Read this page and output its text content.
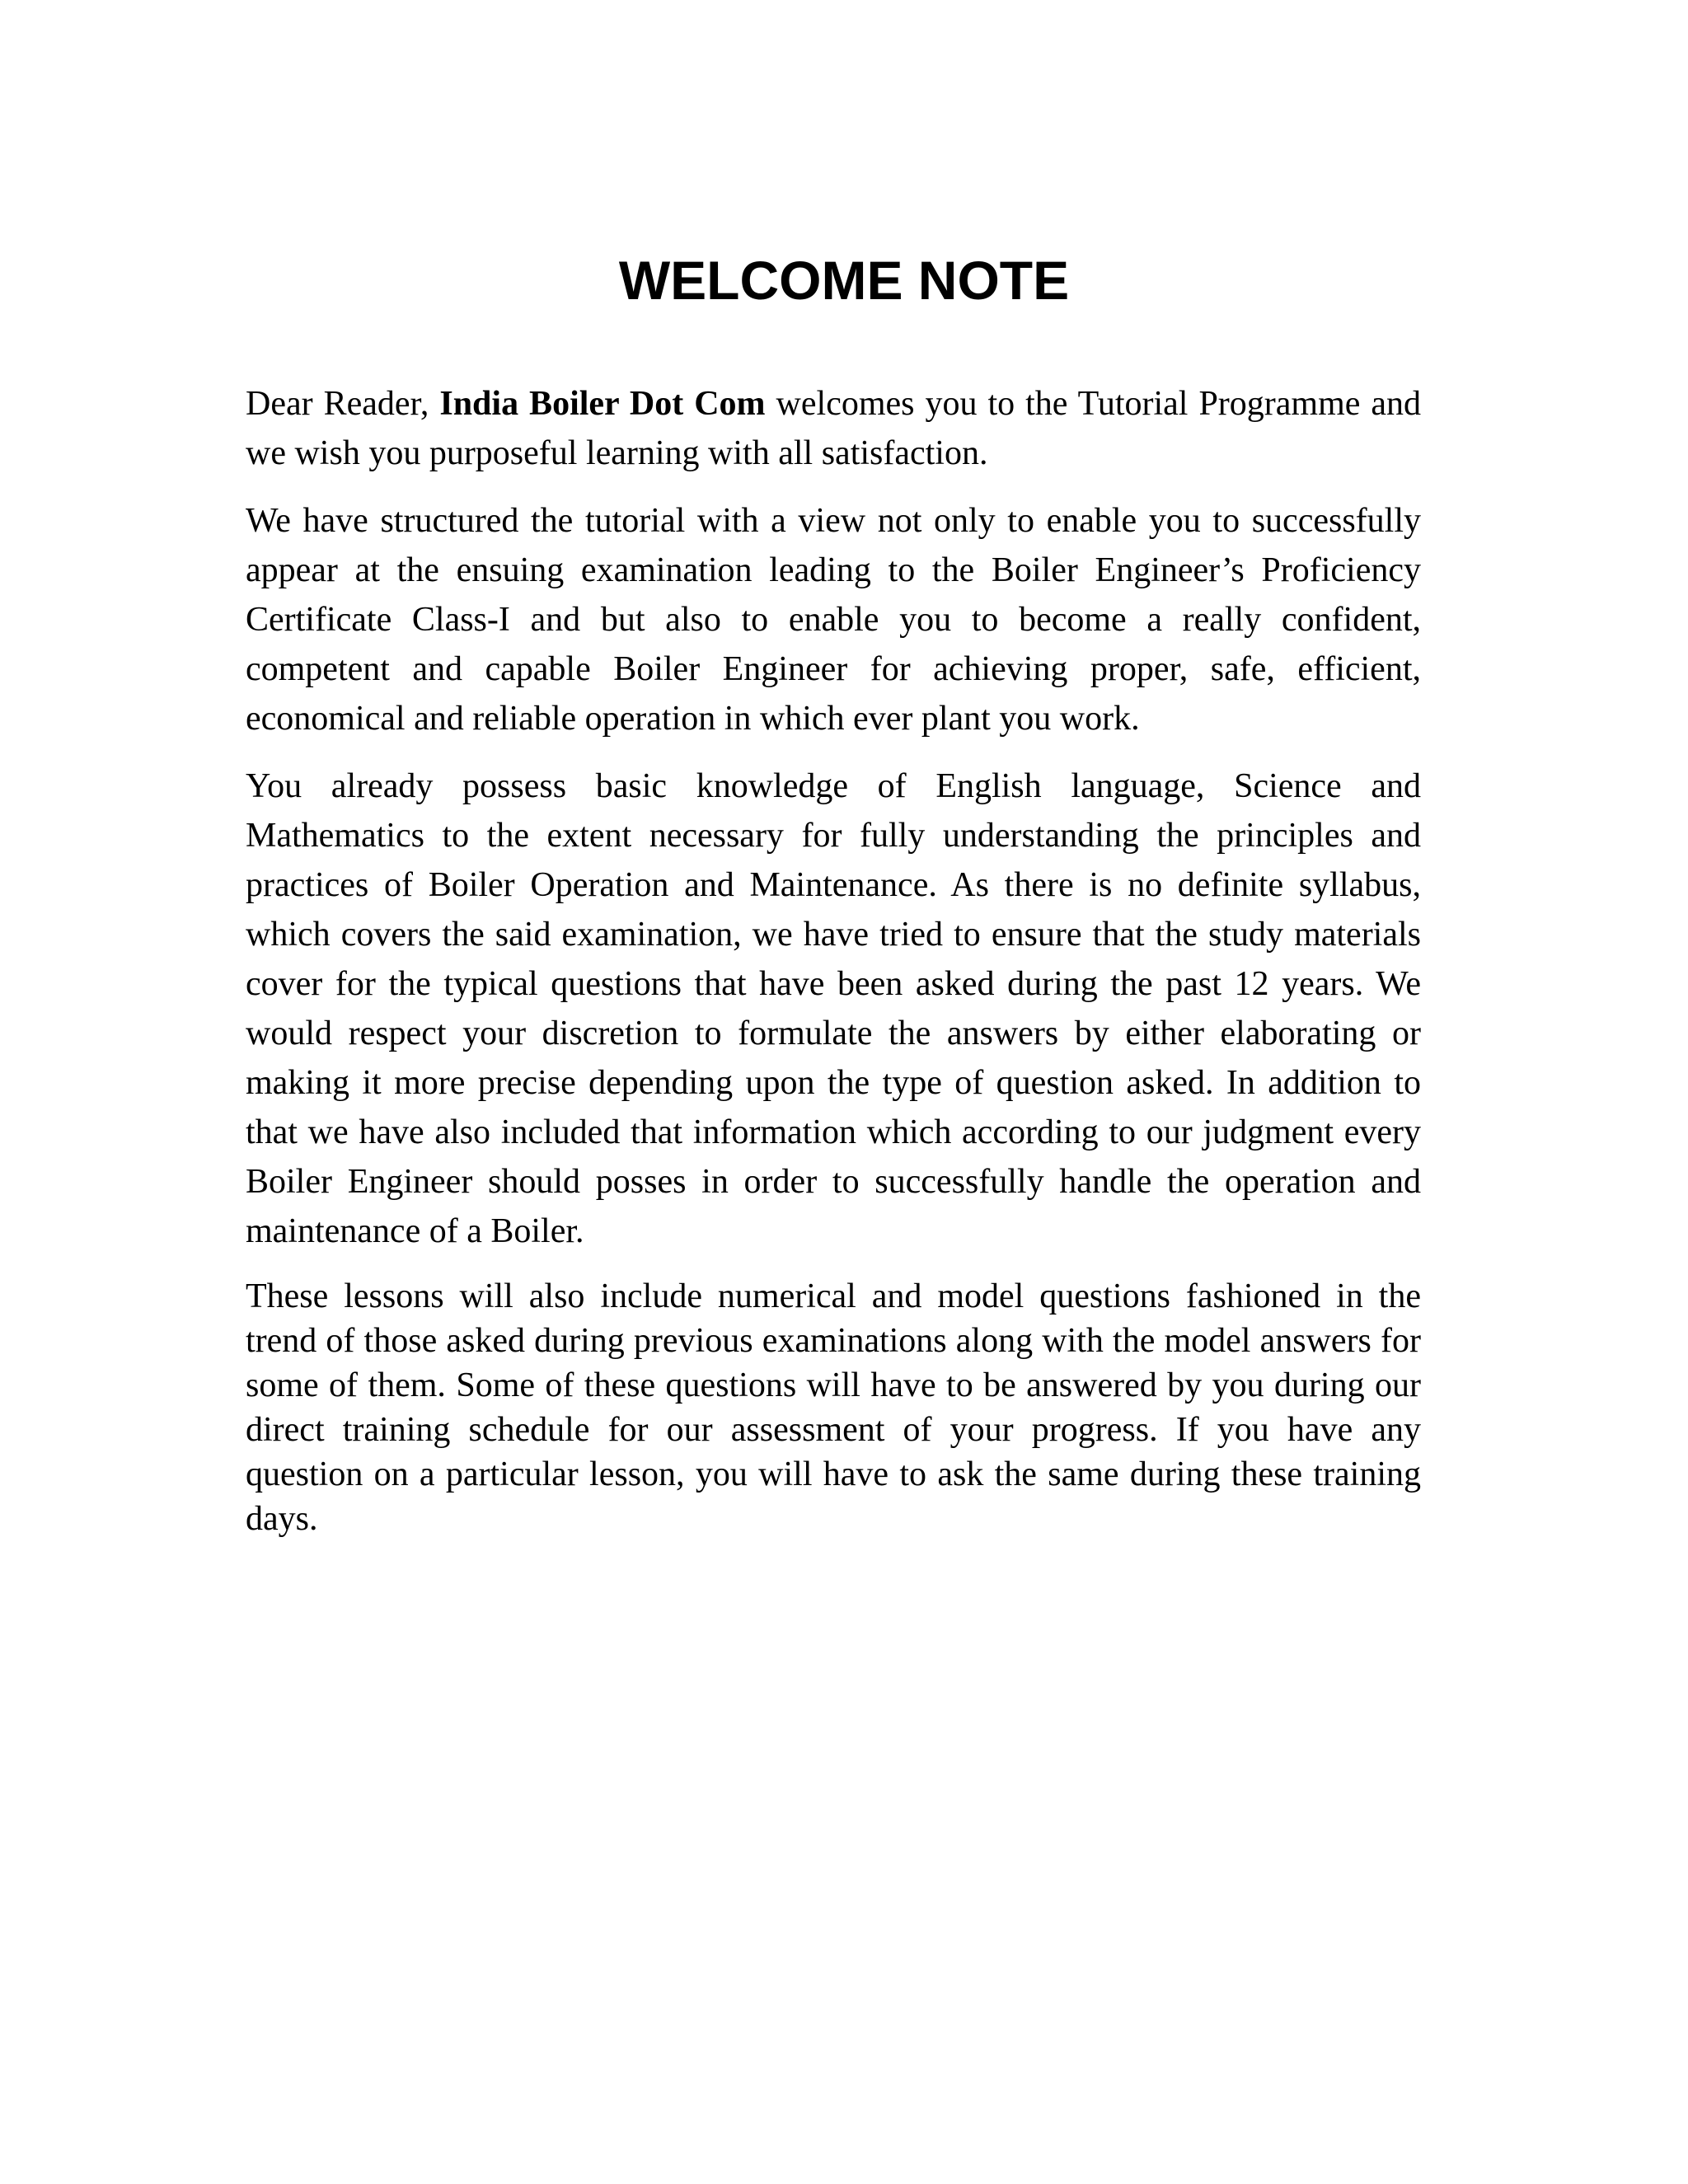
WELCOME NOTE

Dear Reader, India Boiler Dot Com welcomes you to the Tutorial Programme and we wish you purposeful learning with all satisfaction.

We have structured the tutorial with a view not only to enable you to successfully appear at the ensuing examination leading to the Boiler Engineer’s Proficiency Certificate Class-I and but also to enable you to become a really confident, competent and capable Boiler Engineer for achieving proper, safe, efficient, economical and reliable operation in which ever plant you work.

You already possess basic knowledge of English language, Science and Mathematics to the extent necessary for fully understanding the principles and practices of Boiler Operation and Maintenance. As there is no definite syllabus, which covers the said examination, we have tried to ensure that the study materials cover for the typical questions that have been asked during the past 12 years. We would respect your discretion to formulate the answers by either elaborating or making it more precise depending upon the type of question asked. In addition to that we have also included that information which according to our judgment every Boiler Engineer should posses in order to successfully handle the operation and maintenance of a Boiler.

These lessons will also include numerical and model questions fashioned in the trend of those asked during previous examinations along with the model answers for some of them. Some of these questions will have to be answered by you during our direct training schedule for our assessment of your progress. If you have any question on a particular lesson, you will have to ask the same during these training days.
